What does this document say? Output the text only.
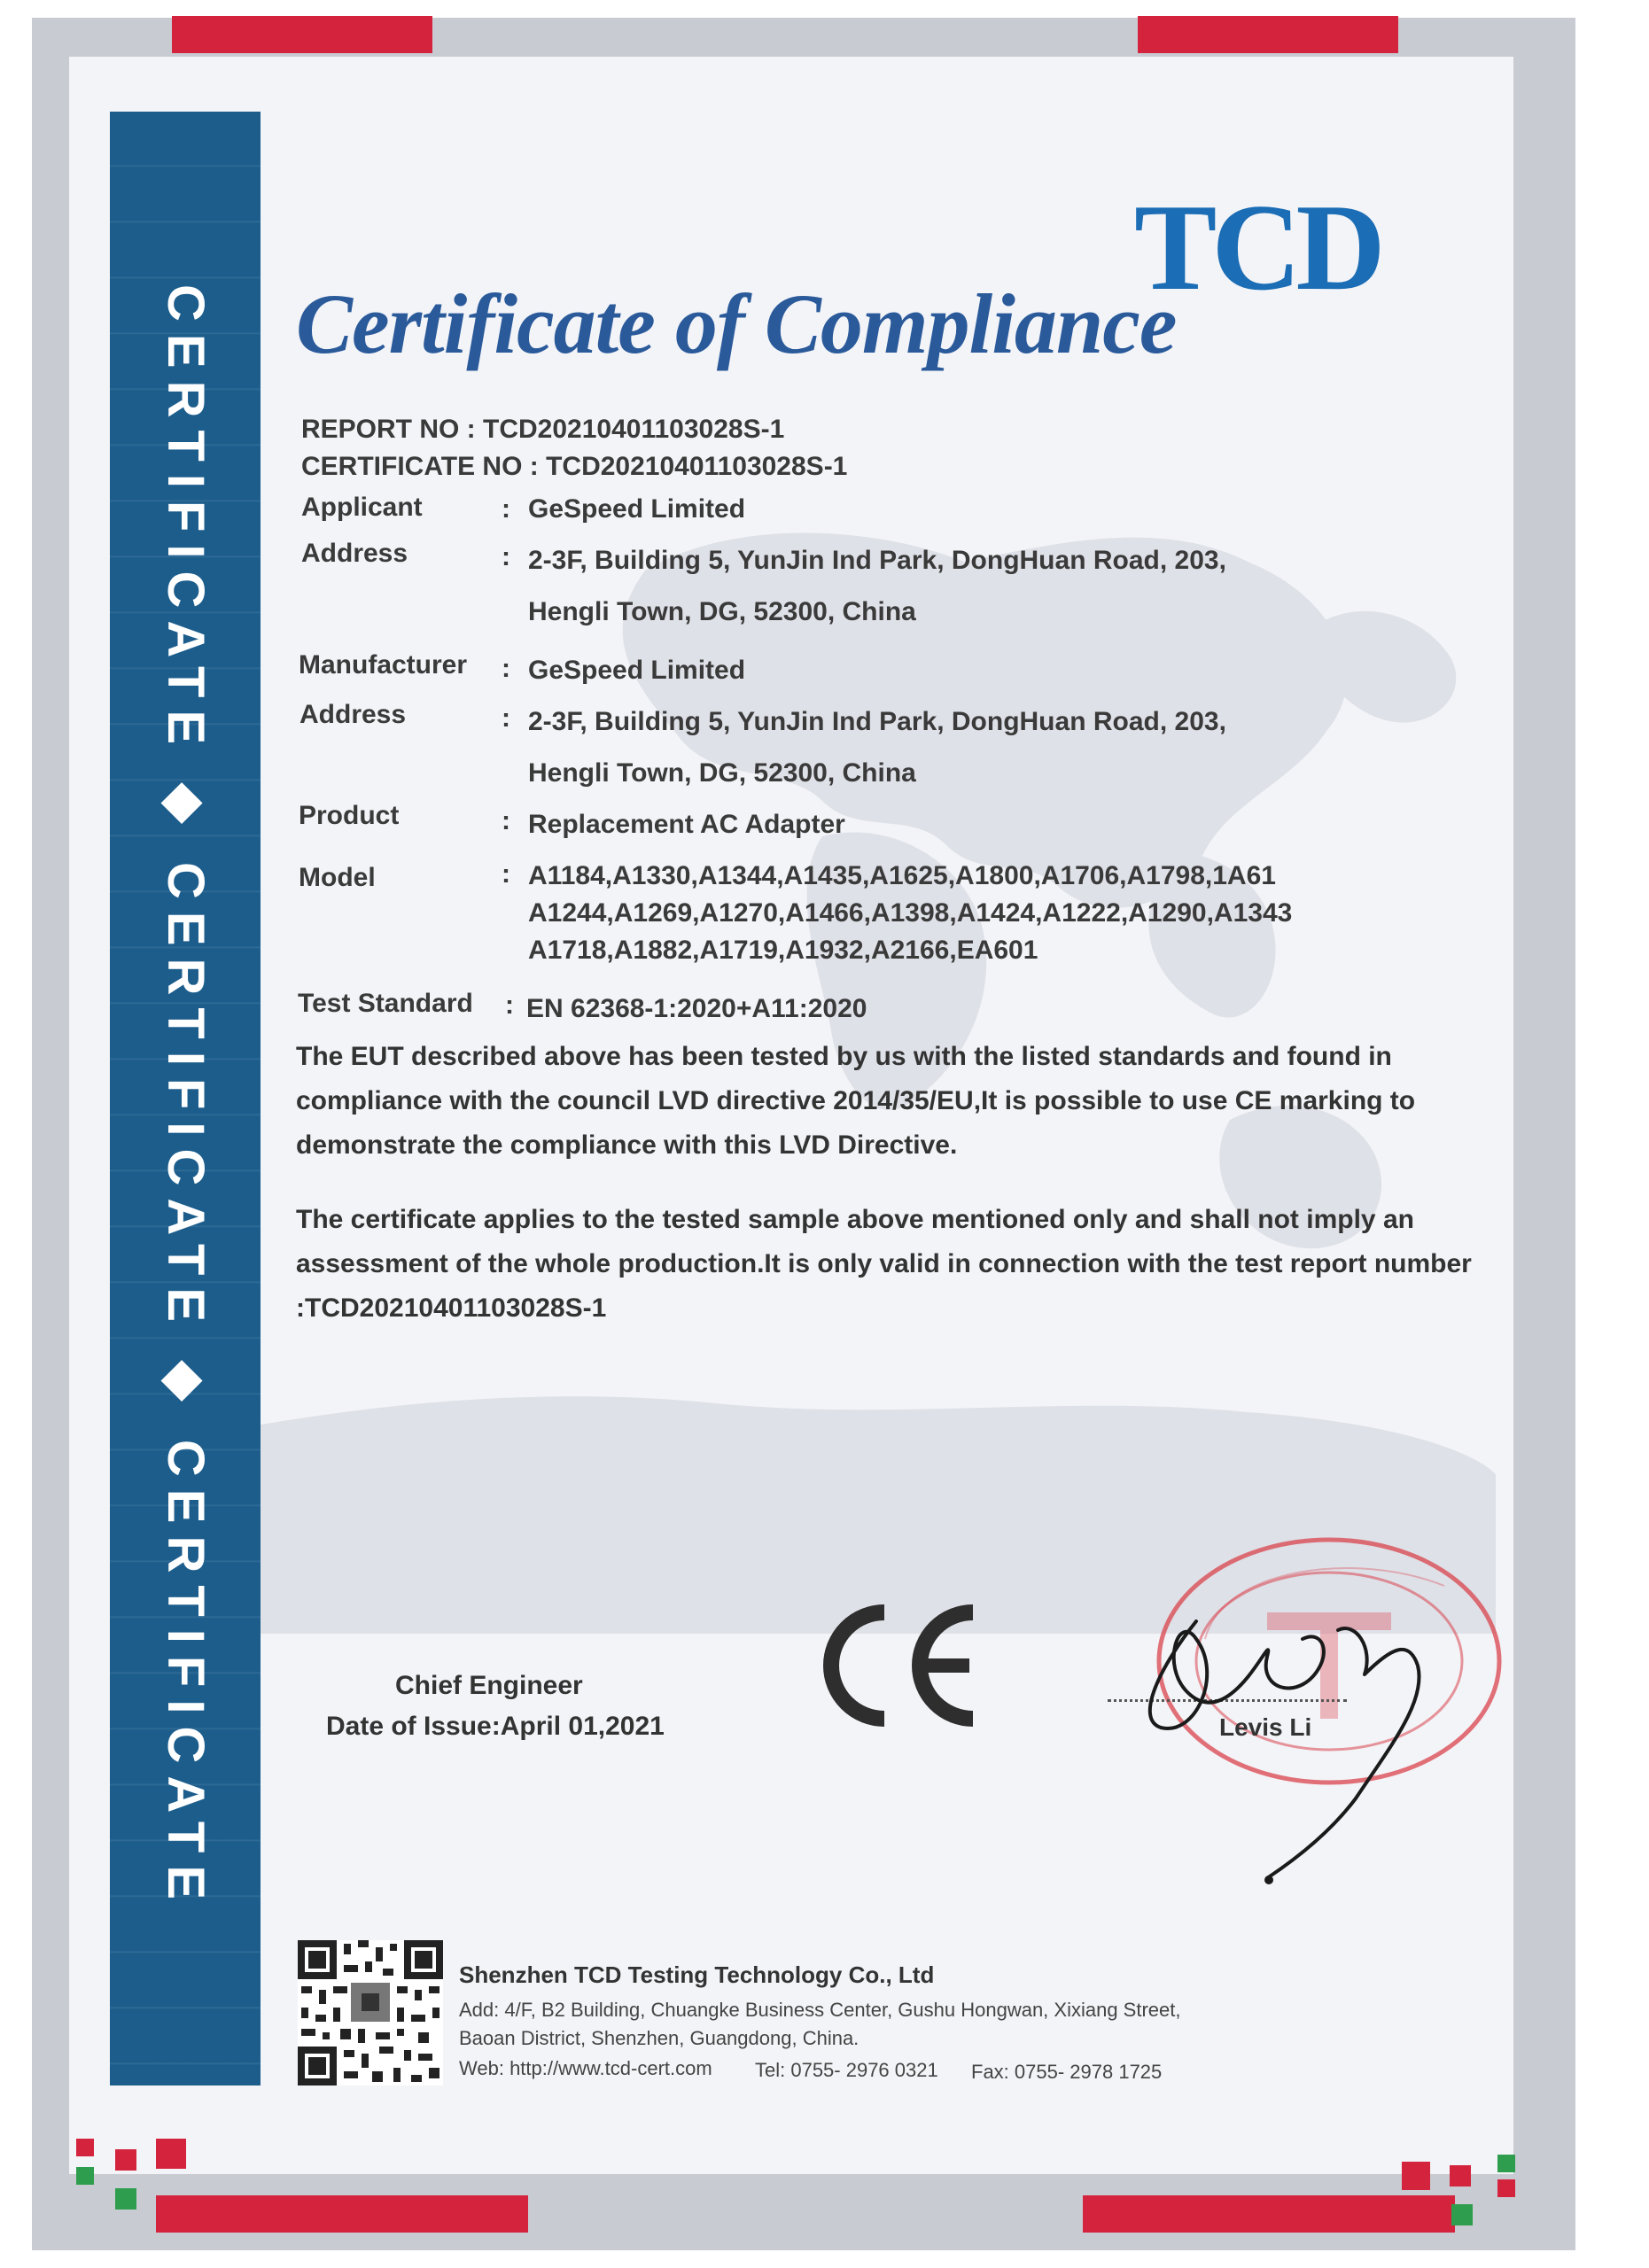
CERTIFICATE ◆ CERTIFICATE ◆ CERTIFICATE
TCD
Certificate of Compliance
REPORT NO : TCD20210401103028S-1
CERTIFICATE NO : TCD20210401103028S-1
Applicant	: GeSpeed Limited
Address	: 2-3F, Building 5, YunJin Ind Park, DongHuan Road, 203,
Hengli Town, DG, 52300, China
Manufacturer : GeSpeed Limited
Address	: 2-3F, Building 5, YunJin Ind Park, DongHuan Road, 203,
Hengli Town, DG, 52300, China
Product	: Replacement AC Adapter
Model	: A1184,A1330,A1344,A1435,A1625,A1800,A1706,A1798,1A61
A1244,A1269,A1270,A1466,A1398,A1424,A1222,A1290,A1343
A1718,A1882,A1719,A1932,A2166,EA601
Test Standard : EN 62368-1:2020+A11:2020
The EUT described above has been tested by us with the listed standards and found in compliance with the council LVD directive 2014/35/EU,It is possible to use CE marking to demonstrate the compliance with this LVD Directive.
The certificate applies to the tested sample above mentioned only and shall not imply an assessment of the whole production.It is only valid in connection with the test report number :TCD20210401103028S-1
Chief Engineer
Date of Issue:April 01,2021	Levis Li
Shenzhen TCD Testing Technology Co., Ltd
Add: 4/F, B2 Building, Chuangke Business Center, Gushu Hongwan, Xixiang Street,
Baoan District, Shenzhen, Guangdong, China.
Web: http://www.tcd-cert.com Tel: 0755- 2976 0321 Fax: 0755- 2978 1725
